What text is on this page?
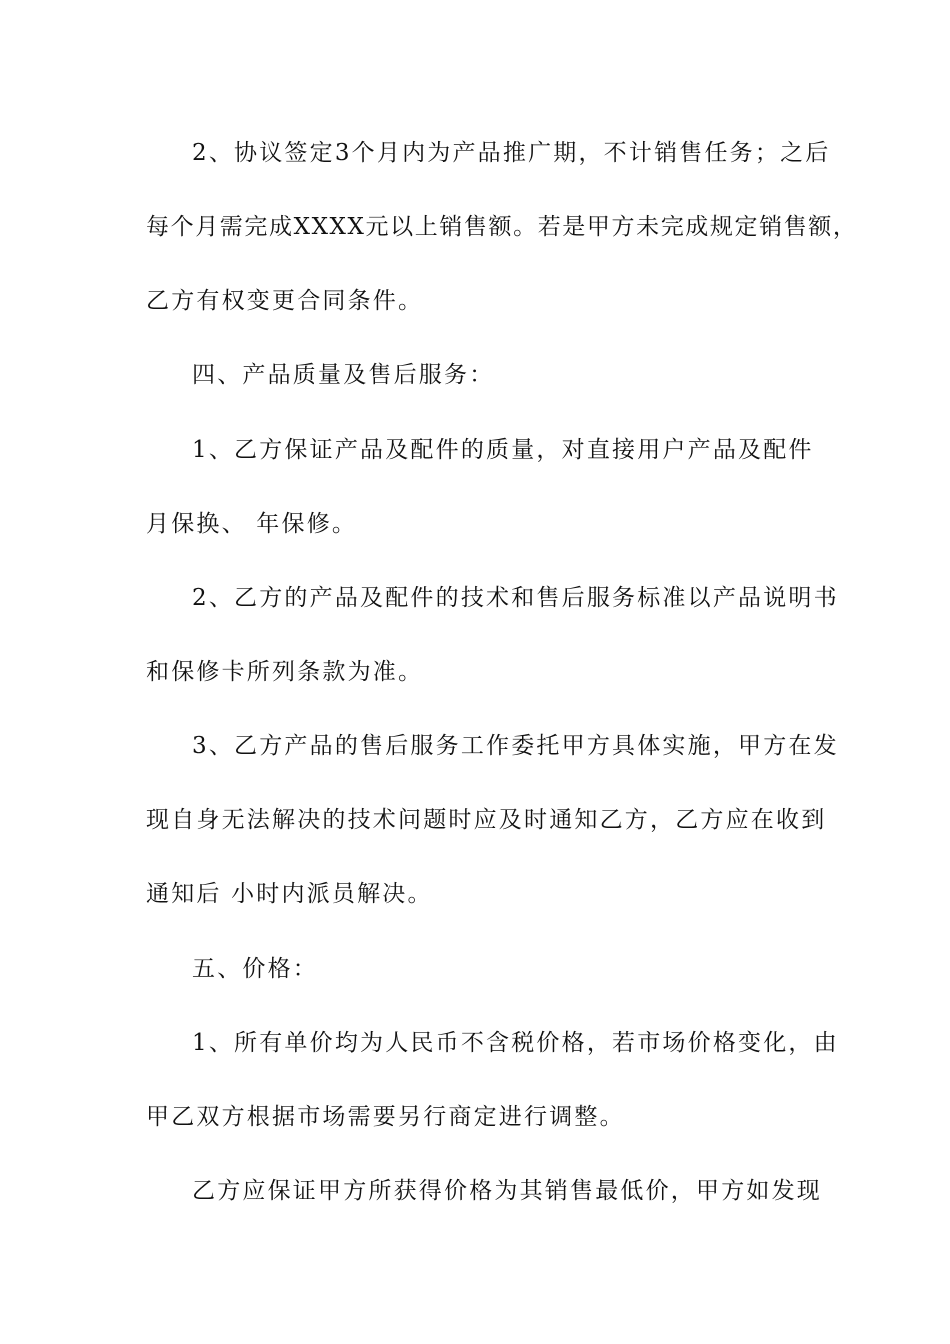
2、协议签定3个月内为产品推广期，不计销售任务；之后
每个月需完成XXXX元以上销售额。若是甲方未完成规定销售额，
乙方有权变更合同条件。
四、产品质量及售后服务：
1、乙方保证产品及配件的质量，对直接用户产品及配件
月保换、 年保修。
2、乙方的产品及配件的技术和售后服务标准以产品说明书
和保修卡所列条款为准。
3、乙方产品的售后服务工作委托甲方具体实施，甲方在发
现自身无法解决的技术问题时应及时通知乙方，乙方应在收到
通知后 小时内派员解决。
五、价格：
1、所有单价均为人民币不含税价格，若市场价格变化，由
甲乙双方根据市场需要另行商定进行调整。
乙方应保证甲方所获得价格为其销售最低价，甲方如发现
